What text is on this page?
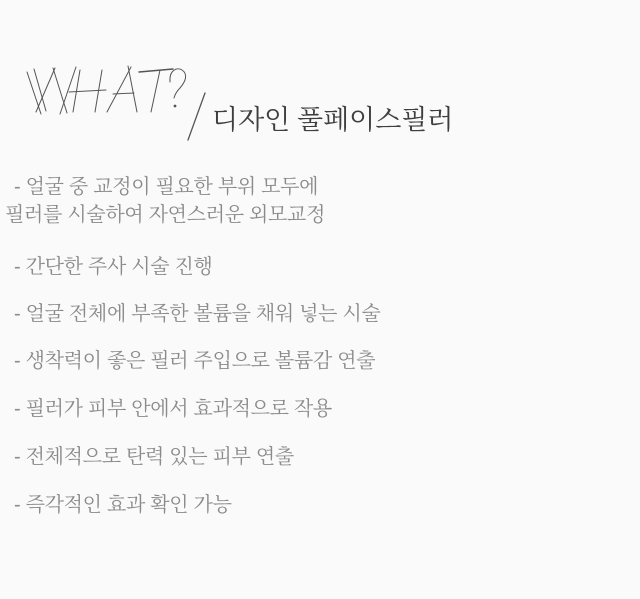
디자인 풀페이스필러
- 얼굴 중 교정이 필요한 부위 모두에
필러를 시술하여 자연스러운 외모교정
- 간단한 주사 시술 진행
- 얼굴 전체에 부족한 볼륨을 채워 넣는 시술
- 생착력이 좋은 필러 주입으로 볼륨감 연출
- 필러가 피부 안에서 효과적으로 작용
- 전체적으로 탄력 있는 피부 연출
- 즉각적인 효과 확인 가능
